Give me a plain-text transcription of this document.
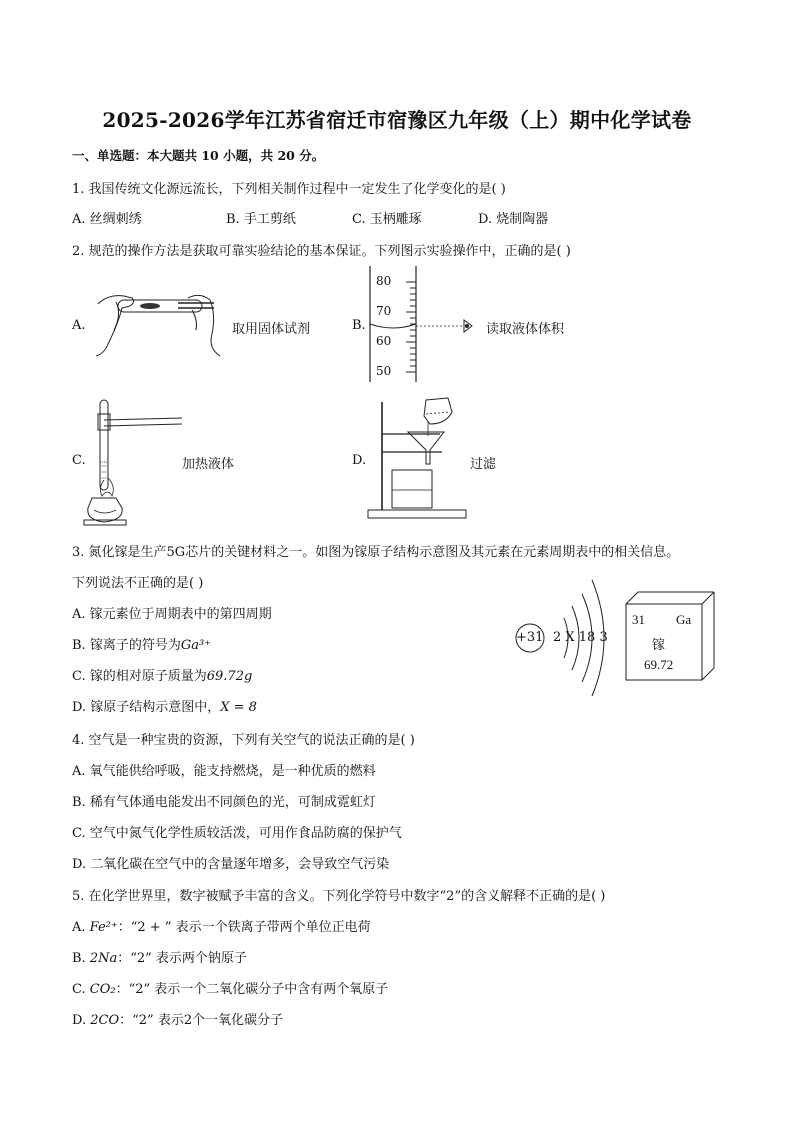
2025-2026学年江苏省宿迁市宿豫区九年级（上）期中化学试卷
一、单选题：本大题共 10 小题，共 20 分。
1. 我国传统文化源远流长，下列相关制作过程中一定发生了化学变化的是( )
A. 丝绸刺绣	B. 手工剪纸	C. 玉柄雕琢	D. 烧制陶器
2. 规范的操作方法是获取可靠实验结论的基本保证。下列图示实验操作中，正确的是( )
A.	取用固体试剂	B.
80
70
60
50
读取液体体积
C.	加热液体	D.	过滤
3. 氮化镓是生产5G芯片的关键材料之一。如图为镓原子结构示意图及其元素在元素周期表中的相关信息。
下列说法不正确的是( )
A. 镓元素位于周期表中的第四周期
B. 镓离子的符号为Ga³⁺
C. 镓的相对原子质量为69.72g
D. 镓原子结构示意图中，X = 8
+31 2 X 18 3
31 Ga
镓
69.72
4. 空气是一种宝贵的资源，下列有关空气的说法正确的是( )
A. 氧气能供给呼吸，能支持燃烧，是一种优质的燃料
B. 稀有气体通电能发出不同颜色的光，可制成霓虹灯
C. 空气中氮气化学性质较活泼，可用作食品防腐的保护气
D. 二氧化碳在空气中的含量逐年增多，会导致空气污染
5. 在化学世界里，数字被赋予丰富的含义。下列化学符号中数字“2”的含义解释不正确的是( )
A. Fe²⁺：“2 + ” 表示一个铁离子带两个单位正电荷
B. 2Na：“2” 表示两个钠原子
C. CO₂：“2” 表示一个二氧化碳分子中含有两个氧原子
D. 2CO：“2” 表示2个一氧化碳分子
